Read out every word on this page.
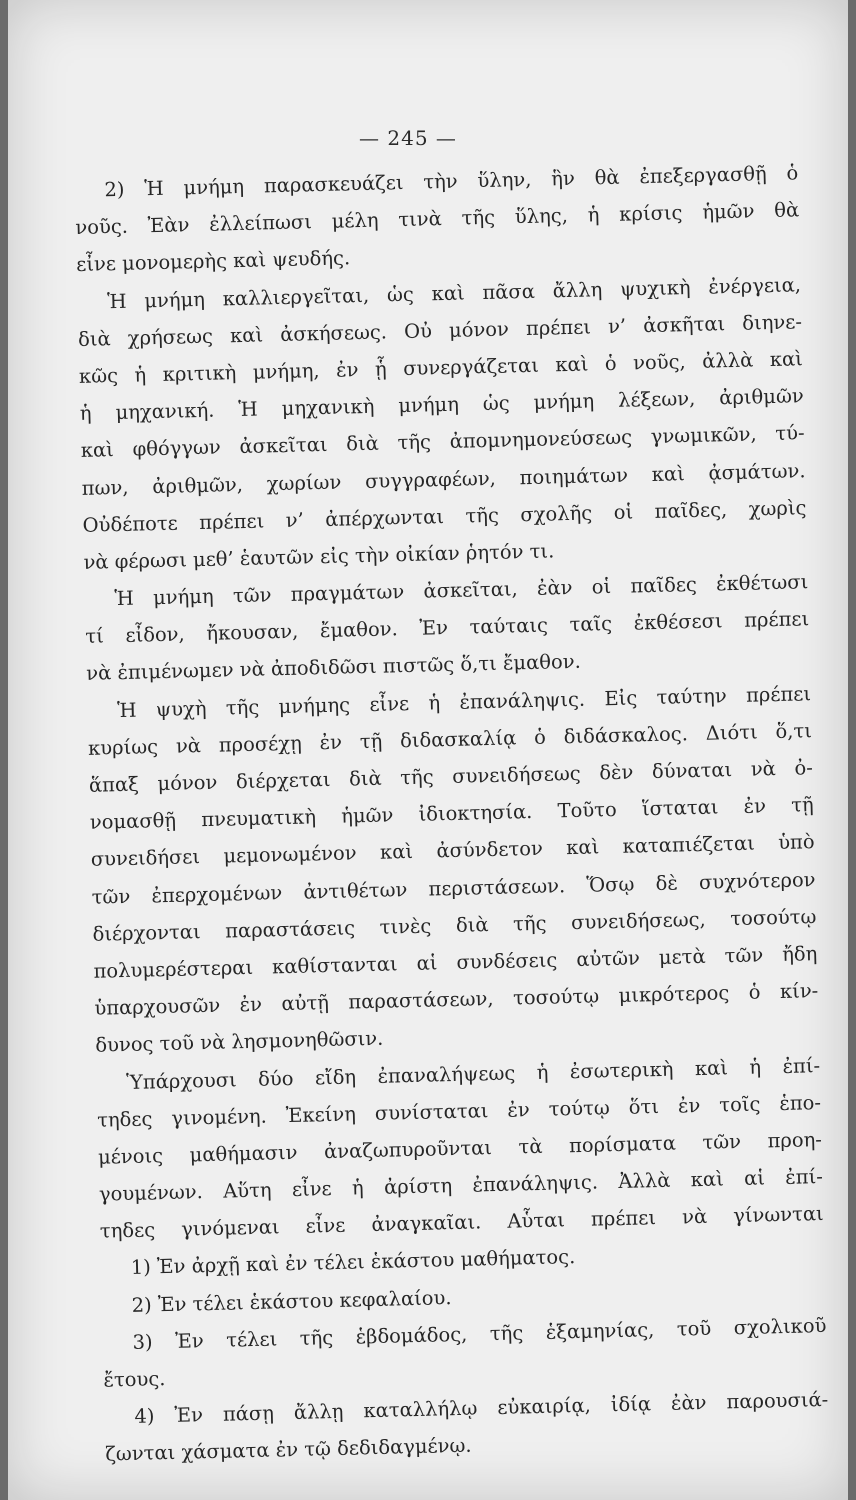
— 245 —
2) Ἡ μνήμη παρασκευάζει τὴν ὕλην, ἣν θὰ ἐπεξεργασθῇ ὁ
νοῦς. Ἐὰν ἐλλείπωσι μέλη τινὰ τῆς ὕλης, ἡ κρίσις ἡμῶν θὰ
εἶνε μονομερὴς καὶ ψευδής.
Ἡ μνήμη καλλιεργεῖται, ὡς καὶ πᾶσα ἄλλη ψυχικὴ ἐνέργεια,
διὰ χρήσεως καὶ ἀσκήσεως. Οὐ μόνον πρέπει ν’ ἀσκῆται διηνε-
κῶς ἡ κριτικὴ μνήμη, ἐν ᾗ συνεργάζεται καὶ ὁ νοῦς, ἀλλὰ καὶ
ἡ μηχανική. Ἡ μηχανικὴ μνήμη ὡς μνήμη λέξεων, ἀριθμῶν
καὶ φθόγγων ἀσκεῖται διὰ τῆς ἀπομνημονεύσεως γνωμικῶν, τύ-
πων, ἀριθμῶν, χωρίων συγγραφέων, ποιημάτων καὶ ᾀσμάτων.
Οὐδέποτε πρέπει ν’ ἀπέρχωνται τῆς σχολῆς οἱ παῖδες, χωρὶς
νὰ φέρωσι μεθ’ ἑαυτῶν εἰς τὴν οἰκίαν ῥητόν τι.
Ἡ μνήμη τῶν πραγμάτων ἀσκεῖται, ἐὰν οἱ παῖδες ἐκθέτωσι
τί εἶδον, ἤκουσαν, ἔμαθον. Ἐν ταύταις ταῖς ἐκθέσεσι πρέπει
νὰ ἐπιμένωμεν νὰ ἀποδιδῶσι πιστῶς ὅ,τι ἔμαθον.
Ἡ ψυχὴ τῆς μνήμης εἶνε ἡ ἐπανάληψις. Εἰς ταύτην πρέπει
κυρίως νὰ προσέχῃ ἐν τῇ διδασκαλίᾳ ὁ διδάσκαλος. Διότι ὅ,τι
ἅπαξ μόνον διέρχεται διὰ τῆς συνειδήσεως δὲν δύναται νὰ ὀ-
νομασθῇ πνευματικὴ ἡμῶν ἰδιοκτησία. Τοῦτο ἵσταται ἐν τῇ
συνειδήσει μεμονωμένον καὶ ἀσύνδετον καὶ καταπιέζεται ὑπὸ
τῶν ἐπερχομένων ἀντιθέτων περιστάσεων. Ὅσῳ δὲ συχνότερον
διέρχονται παραστάσεις τινὲς διὰ τῆς συνειδήσεως, τοσούτῳ
πολυμερέστεραι καθίστανται αἱ συνδέσεις αὐτῶν μετὰ τῶν ἤδη
ὑπαρχουσῶν ἐν αὐτῇ παραστάσεων, τοσούτῳ μικρότερος ὁ κίν-
δυνος τοῦ νὰ λησμονηθῶσιν.
Ὑπάρχουσι δύο εἴδη ἐπαναλήψεως ἡ ἐσωτερικὴ καὶ ἡ ἐπί-
τηδες γινομένη. Ἐκείνη συνίσταται ἐν τούτῳ ὅτι ἐν τοῖς ἑπο-
μένοις μαθήμασιν ἀναζωπυροῦνται τὰ πορίσματα τῶν προη-
γουμένων. Αὕτη εἶνε ἡ ἀρίστη ἐπανάληψις. Ἀλλὰ καὶ αἱ ἐπί-
τηδες γινόμεναι εἶνε ἀναγκαῖαι. Αὗται πρέπει νὰ γίνωνται
1) Ἐν ἀρχῇ καὶ ἐν τέλει ἑκάστου μαθήματος.
2) Ἐν τέλει ἑκάστου κεφαλαίου.
3) Ἐν τέλει τῆς ἑβδομάδος, τῆς ἑξαμηνίας, τοῦ σχολικοῦ
ἔτους.
4) Ἐν πάσῃ ἄλλῃ καταλλήλῳ εὐκαιρίᾳ, ἰδίᾳ ἐὰν παρουσιά-
ζωνται χάσματα ἐν τῷ δεδιδαγμένῳ.
